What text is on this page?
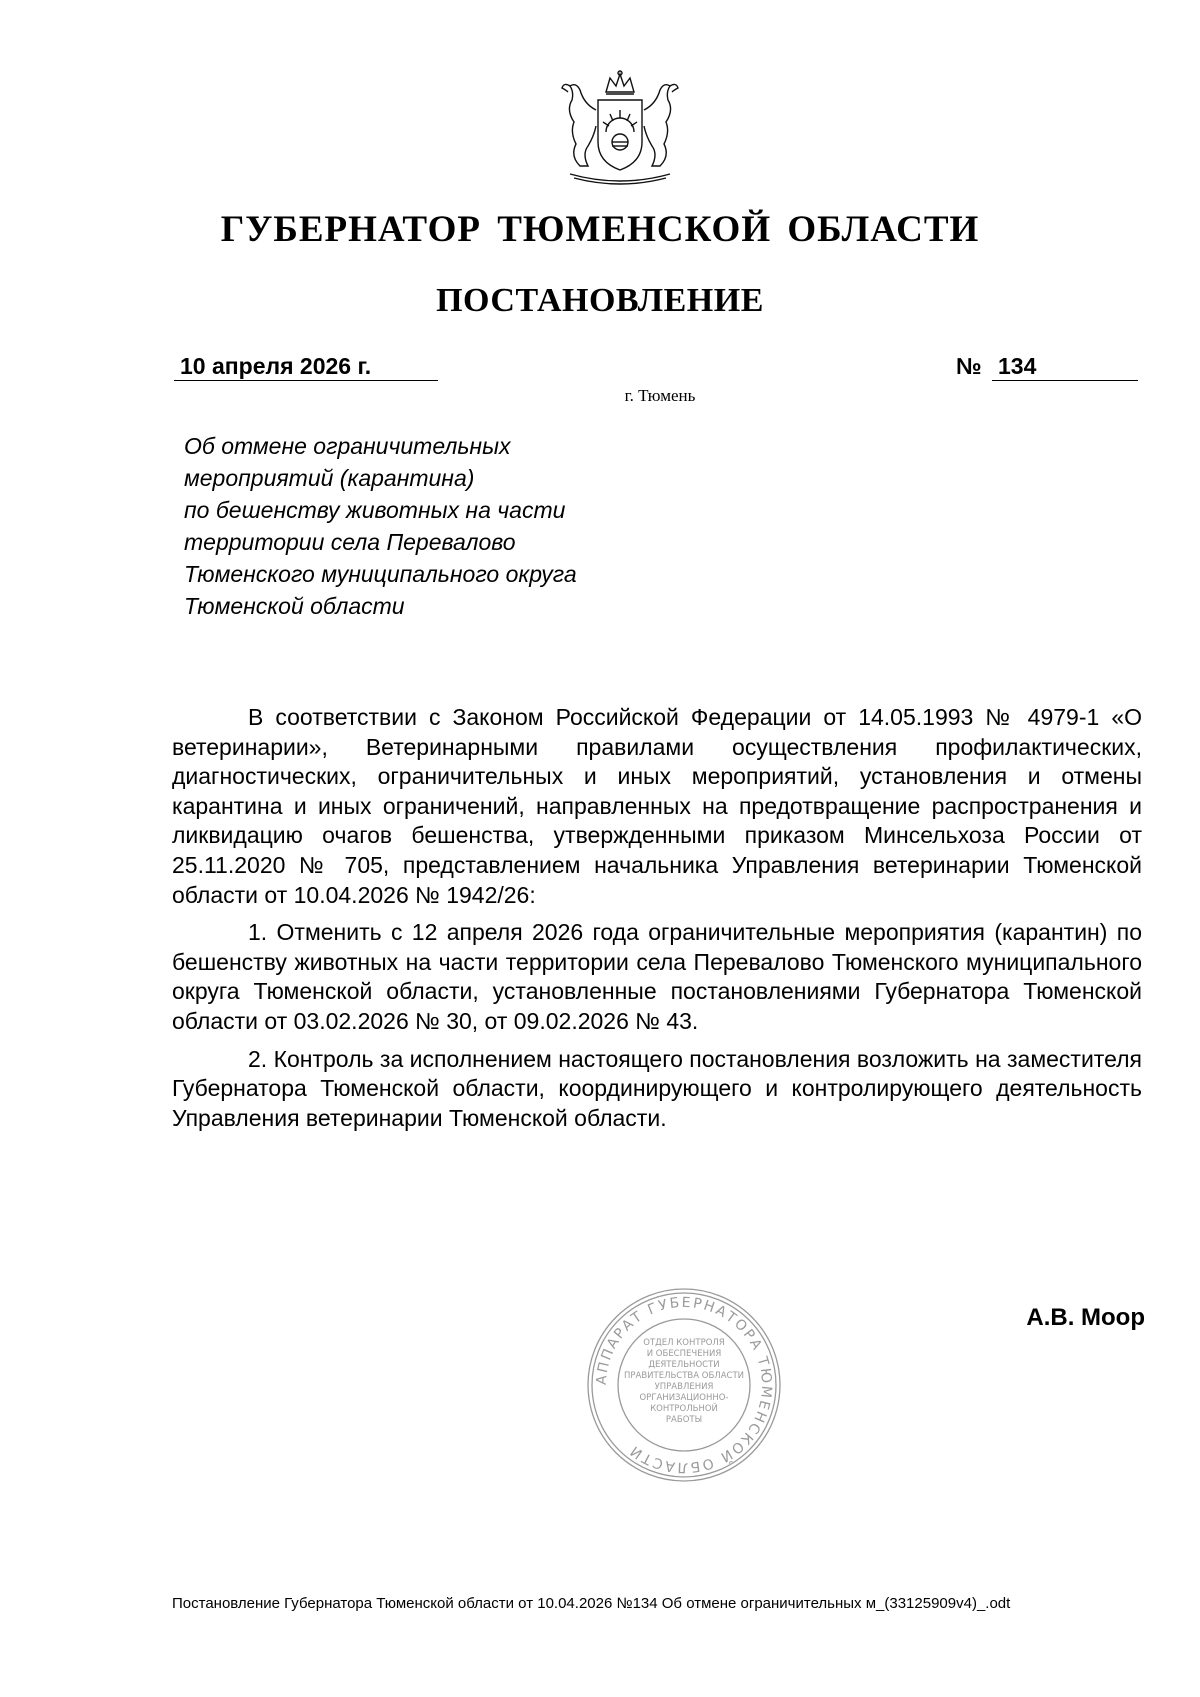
ГУБЕРНАТОР ТЮМЕНСКОЙ ОБЛАСТИ
ПОСТАНОВЛЕНИЕ
10 апреля 2026 г.	№ 134
г. Тюмень
Об отмене ограничительных
мероприятий (карантина)
по бешенству животных на части
территории села Перевалово
Тюменского муниципального округа
Тюменской области

В соответствии с Законом Российской Федерации от 14.05.1993 № 4979-1 «О ветеринарии», Ветеринарными правилами осуществления профилактических, диагностических, ограничительных и иных мероприятий, установления и отмены карантина и иных ограничений, направленных на предотвращение распространения и ликвидацию очагов бешенства, утвержденными приказом Минсельхоза России от 25.11.2020 № 705, представлением начальника Управления ветеринарии Тюменской области от 10.04.2026 № 1942/26:

1. Отменить с 12 апреля 2026 года ограничительные мероприятия (карантин) по бешенству животных на части территории села Перевалово Тюменского муниципального округа Тюменской области, установленные постановлениями Губернатора Тюменской области от 03.02.2026 № 30, от 09.02.2026 № 43.

2. Контроль за исполнением настоящего постановления возложить на заместителя Губернатора Тюменской области, координирующего и контролирующего деятельность Управления ветеринарии Тюменской области.

АППАРАТ ГУБЕРНАТОРА ТЮМЕНСКОЙ ОБЛАСТИ
ОТДЕЛ КОНТРОЛЯ
И ОБЕСПЕЧЕНИЯ
ДЕЯТЕЛЬНОСТИ
ПРАВИТЕЛЬСТВА ОБЛАСТИ
УПРАВЛЕНИЯ
ОРГАНИЗАЦИОННО-
КОНТРОЛЬНОЙ
РАБОТЫ
А.В. Моор
Постановление Губернатора Тюменской области от 10.04.2026 №134 Об отмене ограничительных м_(33125909v4)_.odt
